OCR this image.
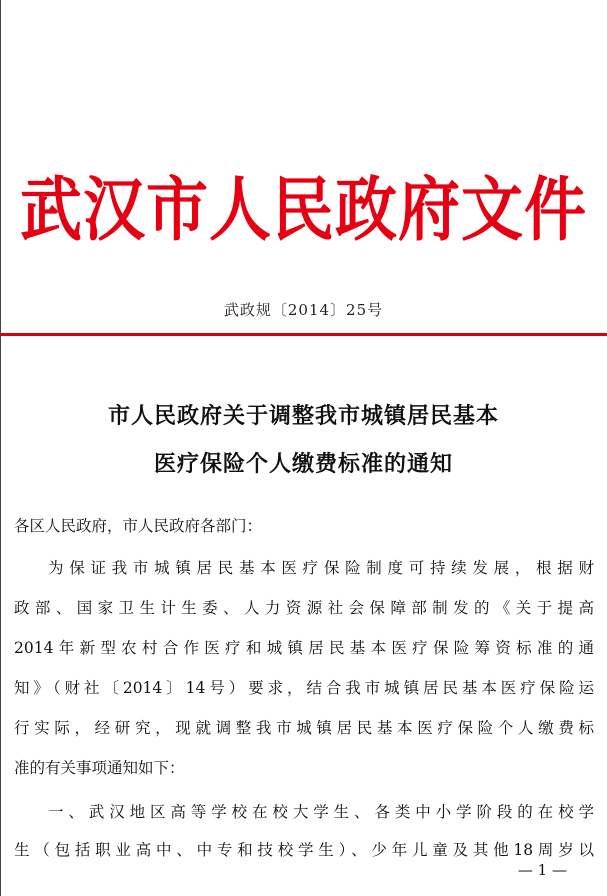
武汉市人民政府文件
武政规〔2014〕25号
市人民政府关于调整我市城镇居民基本
医疗保险个人缴费标准的通知
各区人民政府，市人民政府各部门：
为保证我市城镇居民基本医疗保险制度可持续发展，根据财
政部、国家卫生计生委、人力资源社会保障部制发的《关于提高
2014年新型农村合作医疗和城镇居民基本医疗保险筹资标准的通
知》（财社〔2014〕14号）要求，结合我市城镇居民基本医疗保险运
行实际，经研究，现就调整我市城镇居民基本医疗保险个人缴费标
准的有关事项通知如下：
一、武汉地区高等学校在校大学生、各类中小学阶段的在校学
生（包括职业高中、中专和技校学生）、少年儿童及其他18周岁以
— 1 —
